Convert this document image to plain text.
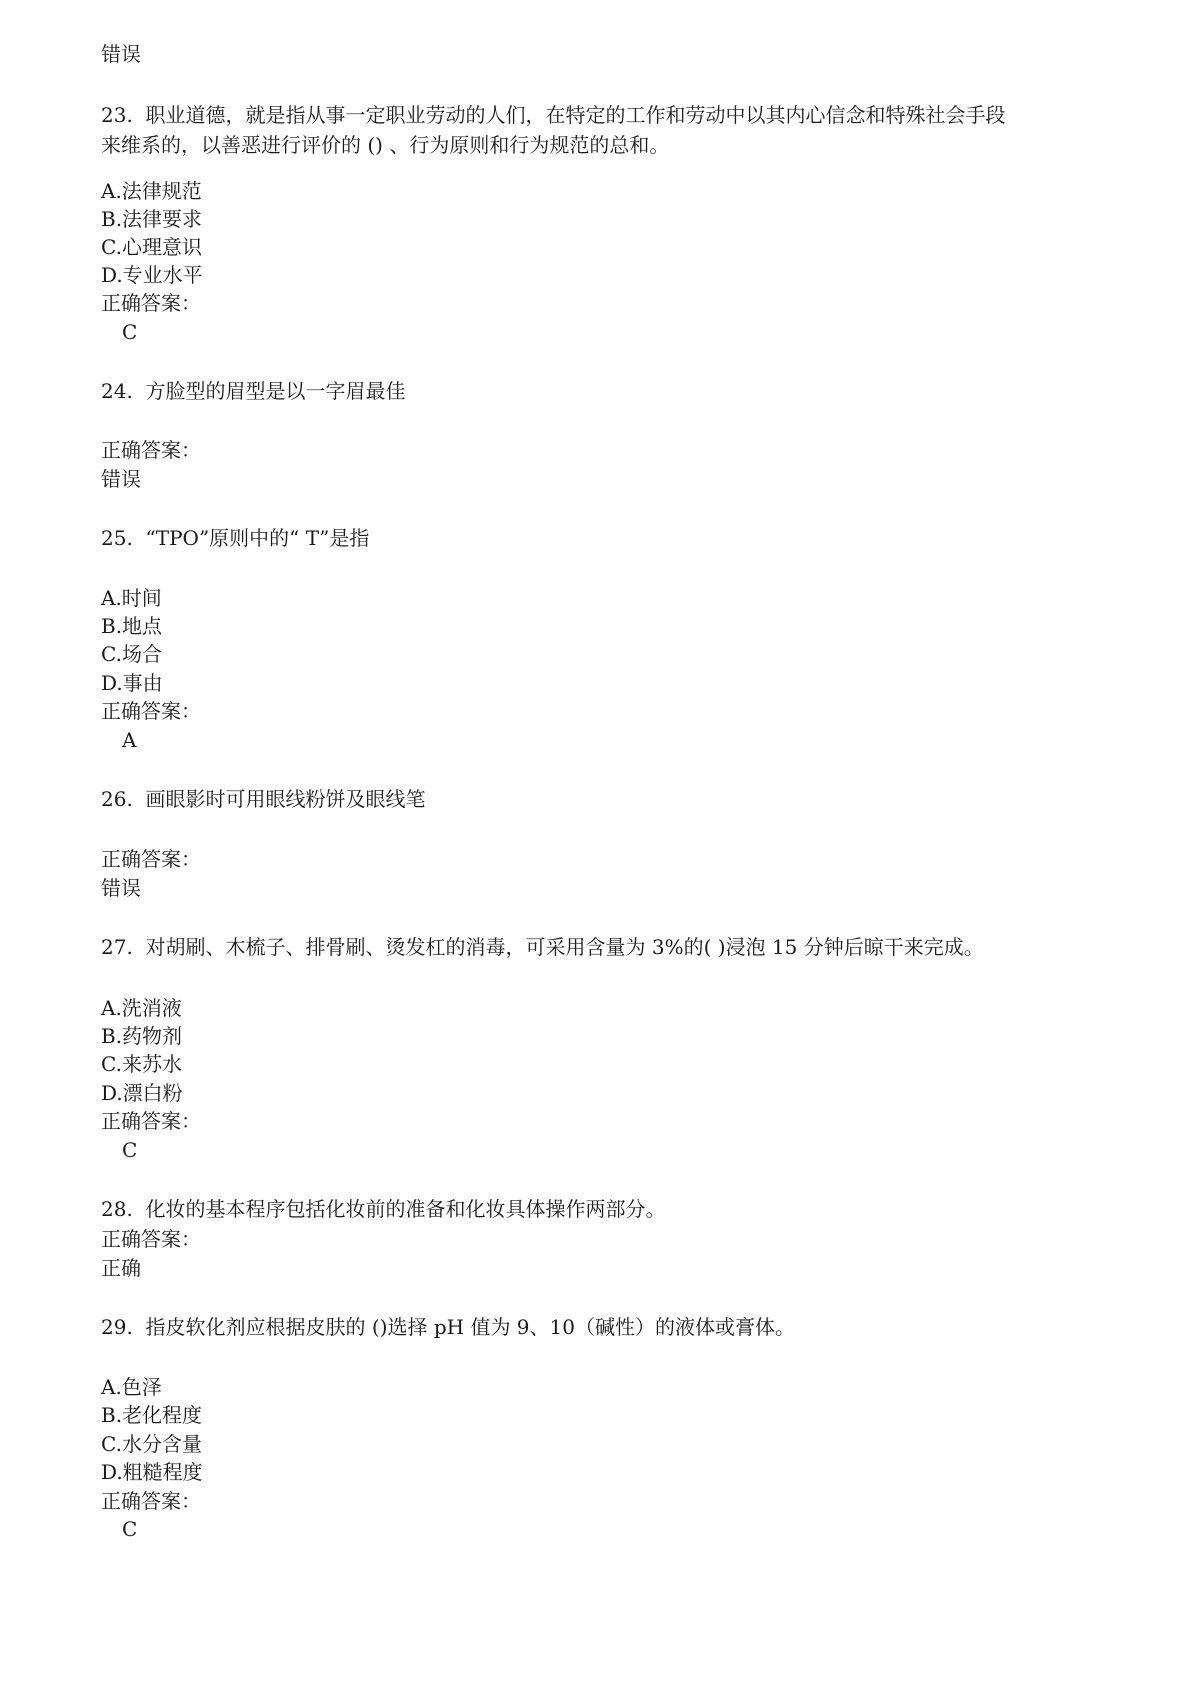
错误
23. 职业道德，就是指从事一定职业劳动的人们，在特定的工作和劳动中以其内心信念和特殊社会手段
来维系的，以善恶进行评价的 () 、行为原则和行为规范的总和。
A.法律规范
B.法律要求
C.心理意识
D.专业水平
正确答案：
C
24. 方脸型的眉型是以一字眉最佳
正确答案：
错误
25. “TPO”原则中的“ T”是指
A.时间
B.地点
C.场合
D.事由
正确答案：
A
26. 画眼影时可用眼线粉饼及眼线笔
正确答案：
错误
27. 对胡刷、木梳子、排骨刷、烫发杠的消毒，可采用含量为 3%的( )浸泡 15 分钟后晾干来完成。
A.洗消液
B.药物剂
C.来苏水
D.漂白粉
正确答案：
C
28. 化妆的基本程序包括化妆前的准备和化妆具体操作两部分。
正确答案：
正确
29. 指皮软化剂应根据皮肤的 ()选择 pH 值为 9、10（碱性）的液体或膏体。
A.色泽
B.老化程度
C.水分含量
D.粗糙程度
正确答案：
C
